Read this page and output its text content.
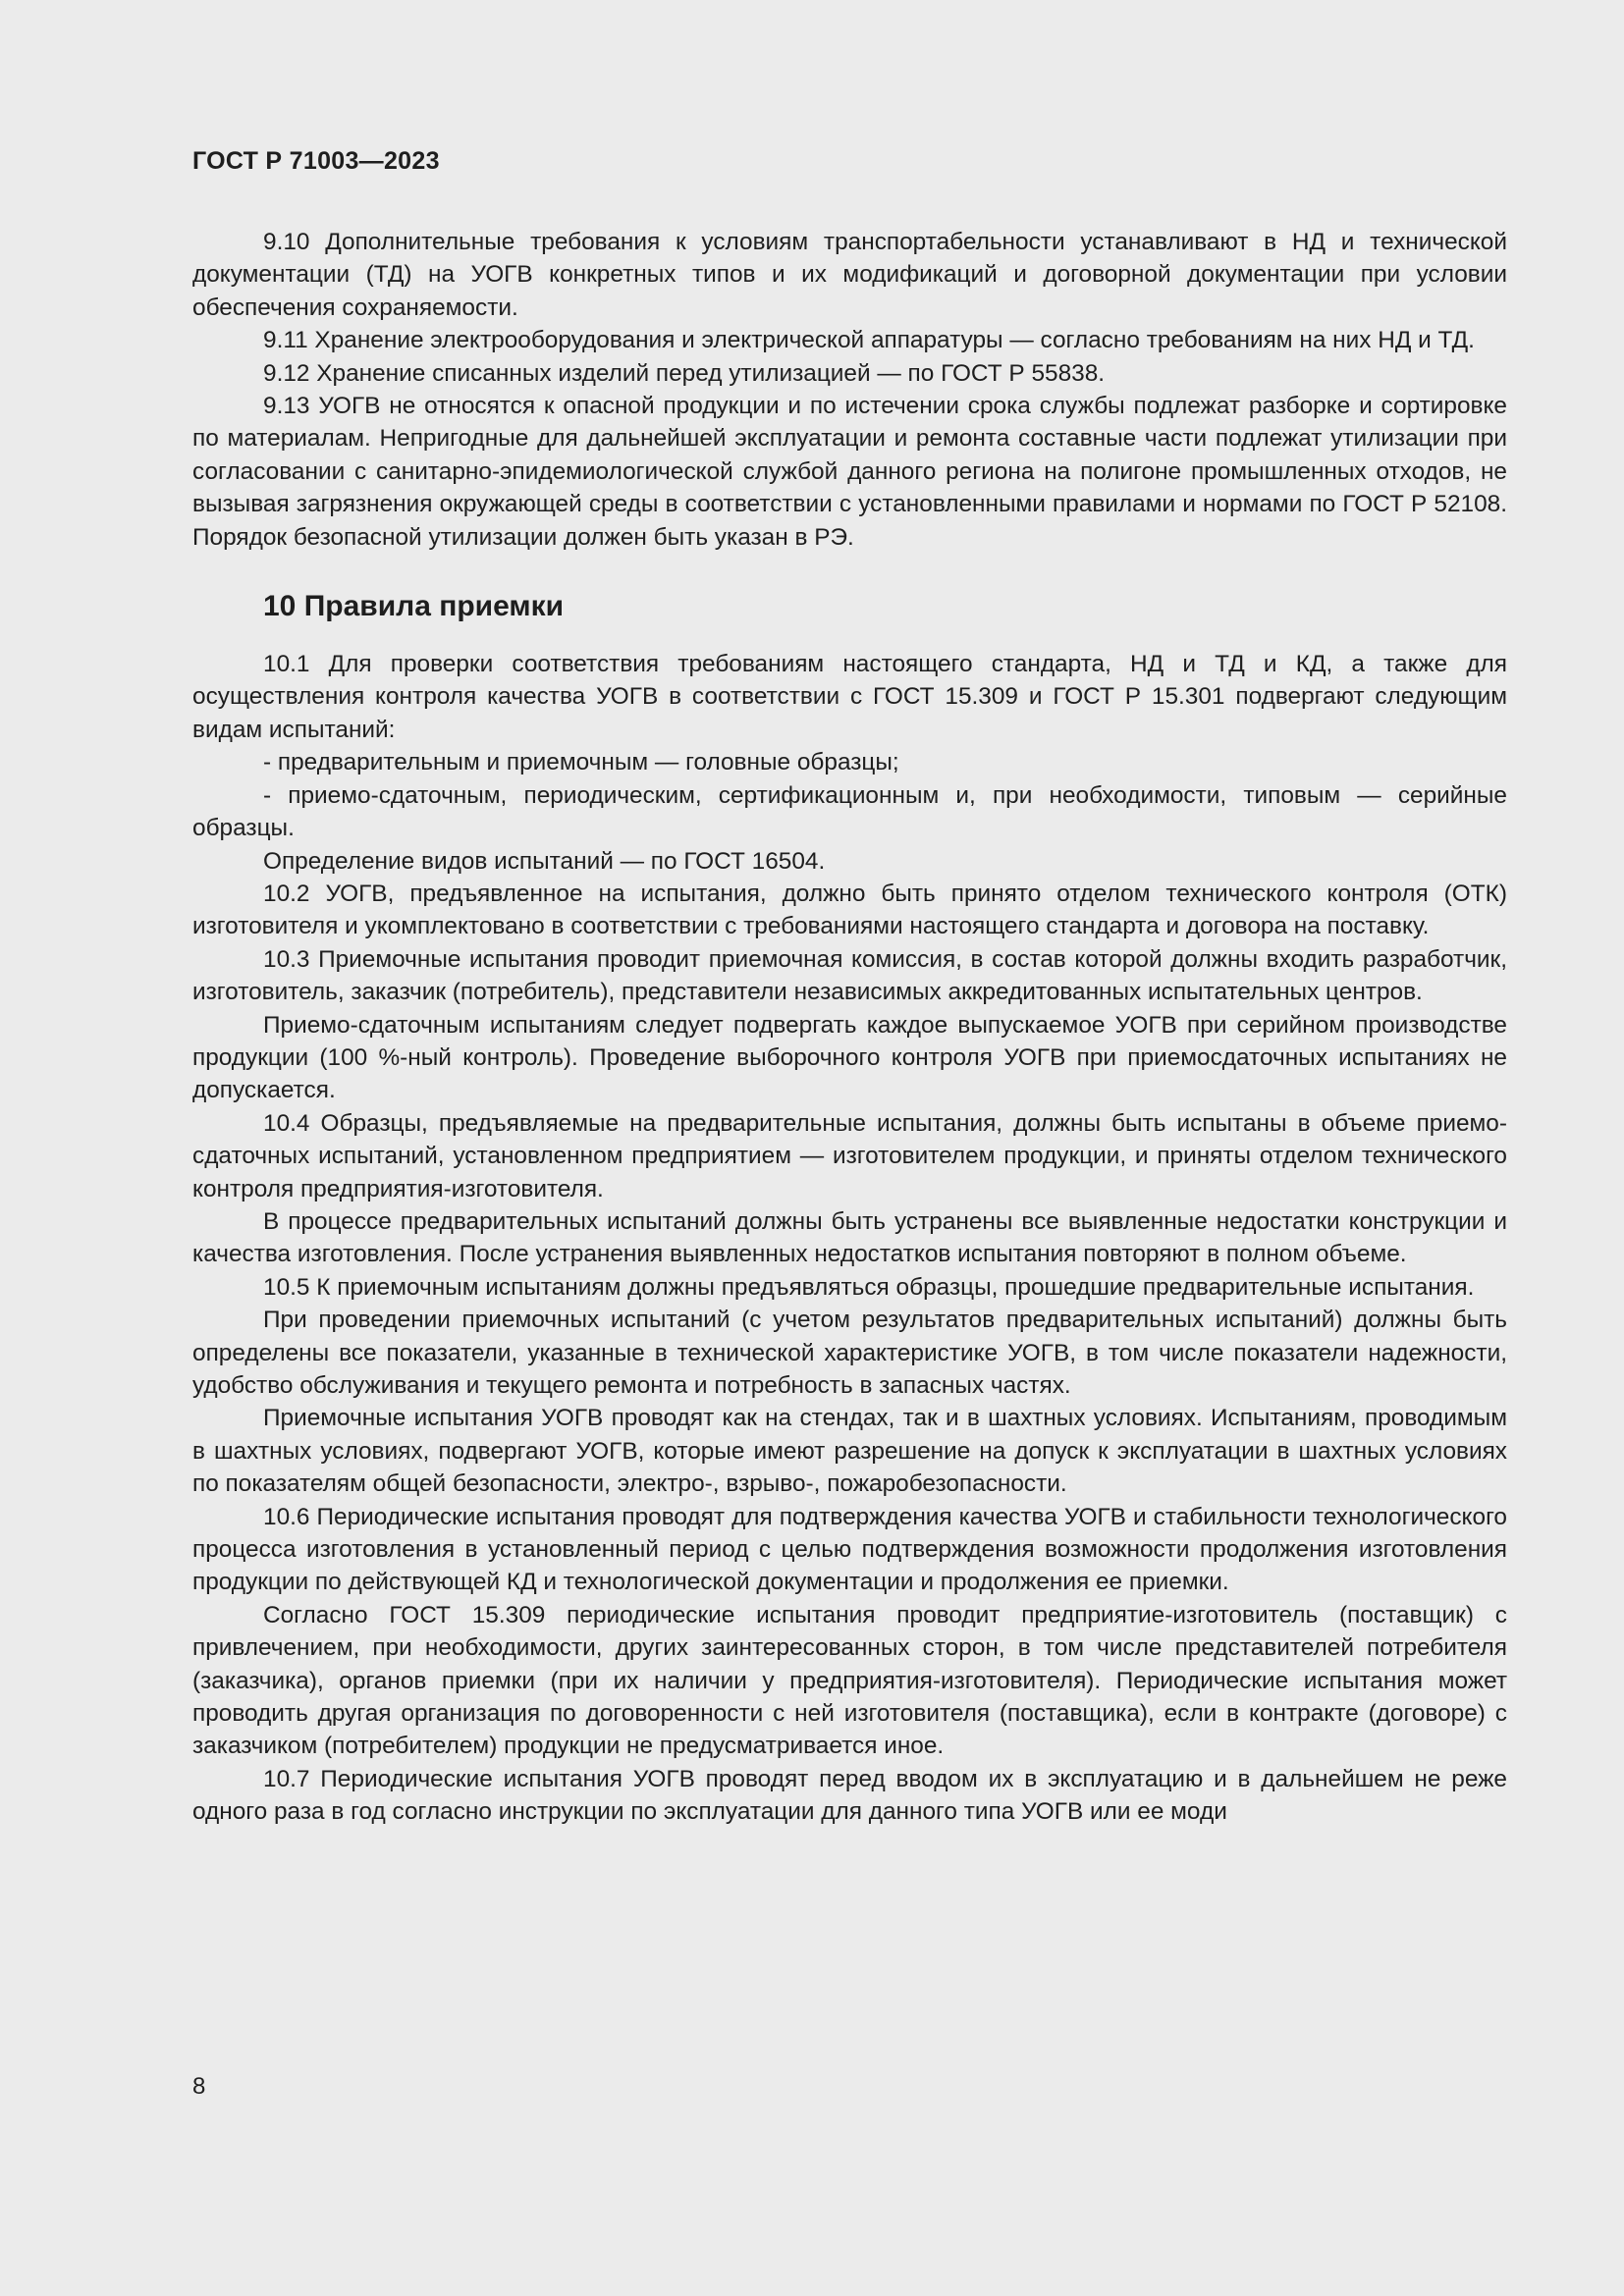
ГОСТ Р 71003—2023

9.10 Дополнительные требования к условиям транспортабельности устанавливают в НД и технической документации (ТД) на УОГВ конкретных типов и их модификаций и договорной документации при условии обеспечения сохраняемости.

9.11 Хранение электрооборудования и электрической аппаратуры — согласно требованиям на них НД и ТД.

9.12 Хранение списанных изделий перед утилизацией — по ГОСТ Р 55838.

9.13 УОГВ не относятся к опасной продукции и по истечении срока службы подлежат разборке и сортировке по материалам. Непригодные для дальнейшей эксплуатации и ремонта составные части подлежат утилизации при согласовании с санитарно-эпидемиологической службой данного региона на полигоне промышленных отходов, не вызывая загрязнения окружающей среды в соответствии с установленными правилами и нормами по ГОСТ Р 52108. Порядок безопасной утилизации должен быть указан в РЭ.

10 Правила приемки

10.1 Для проверки соответствия требованиям настоящего стандарта, НД и ТД и КД, а также для осуществления контроля качества УОГВ в соответствии с ГОСТ 15.309 и ГОСТ Р 15.301 подвергают следующим видам испытаний:

- предварительным и приемочным — головные образцы;

- приемо-сдаточным, периодическим, сертификационным и, при необходимости, типовым — серийные образцы.

Определение видов испытаний — по ГОСТ 16504.

10.2 УОГВ, предъявленное на испытания, должно быть принято отделом технического контроля (ОТК) изготовителя и укомплектовано в соответствии с требованиями настоящего стандарта и договора на поставку.

10.3 Приемочные испытания проводит приемочная комиссия, в состав которой должны входить разработчик, изготовитель, заказчик (потребитель), представители независимых аккредитованных испытательных центров.

Приемо-сдаточным испытаниям следует подвергать каждое выпускаемое УОГВ при серийном производстве продукции (100 %-ный контроль). Проведение выборочного контроля УОГВ при приемосдаточных испытаниях не допускается.

10.4 Образцы, предъявляемые на предварительные испытания, должны быть испытаны в объеме приемо-сдаточных испытаний, установленном предприятием — изготовителем продукции, и приняты отделом технического контроля предприятия-изготовителя.

В процессе предварительных испытаний должны быть устранены все выявленные недостатки конструкции и качества изготовления. После устранения выявленных недостатков испытания повторяют в полном объеме.

10.5 К приемочным испытаниям должны предъявляться образцы, прошедшие предварительные испытания.

При проведении приемочных испытаний (с учетом результатов предварительных испытаний) должны быть определены все показатели, указанные в технической характеристике УОГВ, в том числе показатели надежности, удобство обслуживания и текущего ремонта и потребность в запасных частях.

Приемочные испытания УОГВ проводят как на стендах, так и в шахтных условиях. Испытаниям, проводимым в шахтных условиях, подвергают УОГВ, которые имеют разрешение на допуск к эксплуатации в шахтных условиях по показателям общей безопасности, электро-, взрыво-, пожаробезопасности.

10.6 Периодические испытания проводят для подтверждения качества УОГВ и стабильности технологического процесса изготовления в установленный период с целью подтверждения возможности продолжения изготовления продукции по действующей КД и технологической документации и продолжения ее приемки.

Согласно ГОСТ 15.309 периодические испытания проводит предприятие-изготовитель (поставщик) с привлечением, при необходимости, других заинтересованных сторон, в том числе представителей потребителя (заказчика), органов приемки (при их наличии у предприятия-изготовителя). Периодические испытания может проводить другая организация по договоренности с ней изготовителя (поставщика), если в контракте (договоре) с заказчиком (потребителем) продукции не предусматривается иное.

10.7 Периодические испытания УОГВ проводят перед вводом их в эксплуатацию и в дальнейшем не реже одного раза в год согласно инструкции по эксплуатации для данного типа УОГВ или ее моди

8
